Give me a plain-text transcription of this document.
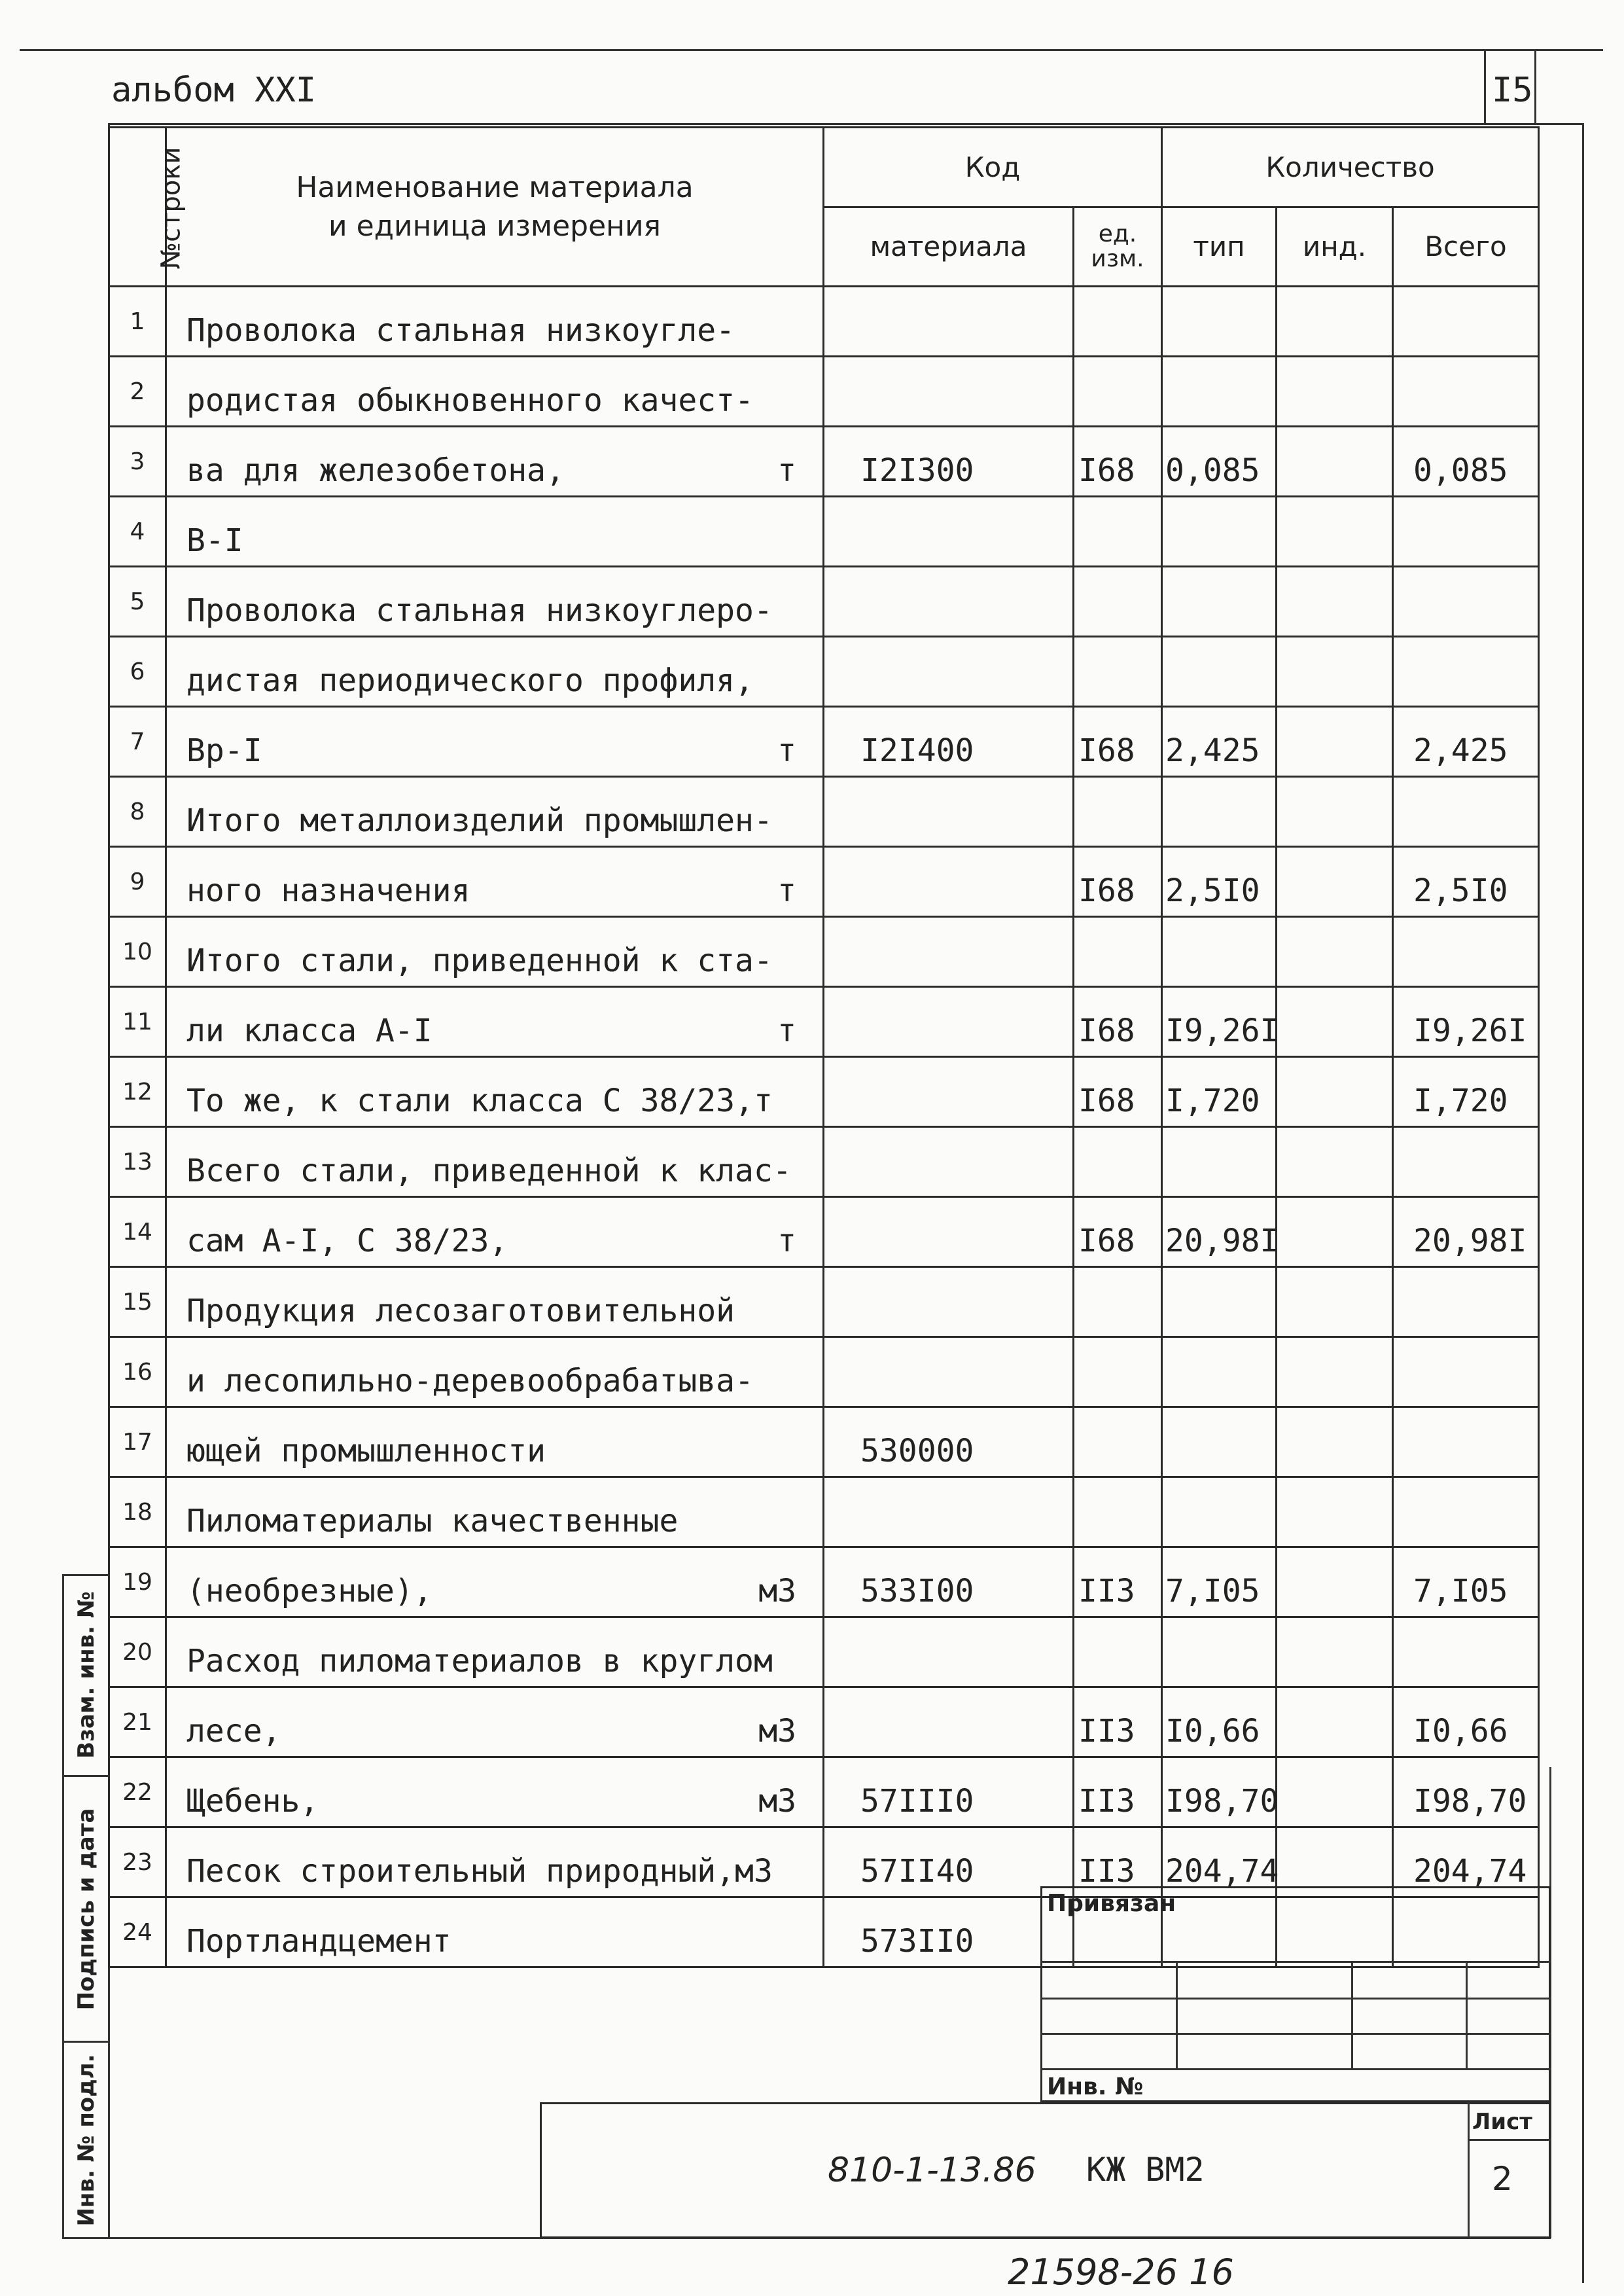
альбом XXI	I5
№строки	Наименование материала
и единица измерения	Код		Количество		
		материала	ед. изм.	тип	инд.	Всего
1	Проволока стальная низкоугле-					
2	родистая обыкновенного качест-					
3	ва для железобетона, т	I2I300	I68	0,085		0,085
4	В-I					
5	Проволока стальная низкоуглеро-					
6	дистая периодического профиля,					
7	Вр-I т	I2I400	I68	2,425		2,425
8	Итого металлоизделий промышлен-					
9	ного назначения т		I68	2,5I0		2,5I0
10	Итого стали, приведенной к ста-					
11	ли класса А-I т		I68	I9,26I		I9,26I
12	То же, к стали класса С 38/23,т		I68	I,720		I,720
13	Всего стали, приведенной к клас-					
14	сам А-I, С 38/23, т		I68	20,98I		20,98I
15	Продукция лесозаготовительной					
16	и лесопильно-деревообрабатыва-					
17	ющей промышленности	530000				
18	Пиломатериалы качественные					
19	(необрезные), м3	533I00	II3	7,I05		7,I05
20	Расход пиломатериалов в круглом					
21	лесе, м3		II3	I0,66		I0,66
22	Щебень, м3	57III0	II3	I98,70		I98,70
23	Песок строительный природный,м3	57II40	II3	204,74		204,74
24	Портландцемент	573II0				
Взам. инв. №
Подпись и дата
Инв. № подл.
Привязан
Инв. №
810-1-13.86 КЖ ВМ2
Лист
2
21598-26 16
